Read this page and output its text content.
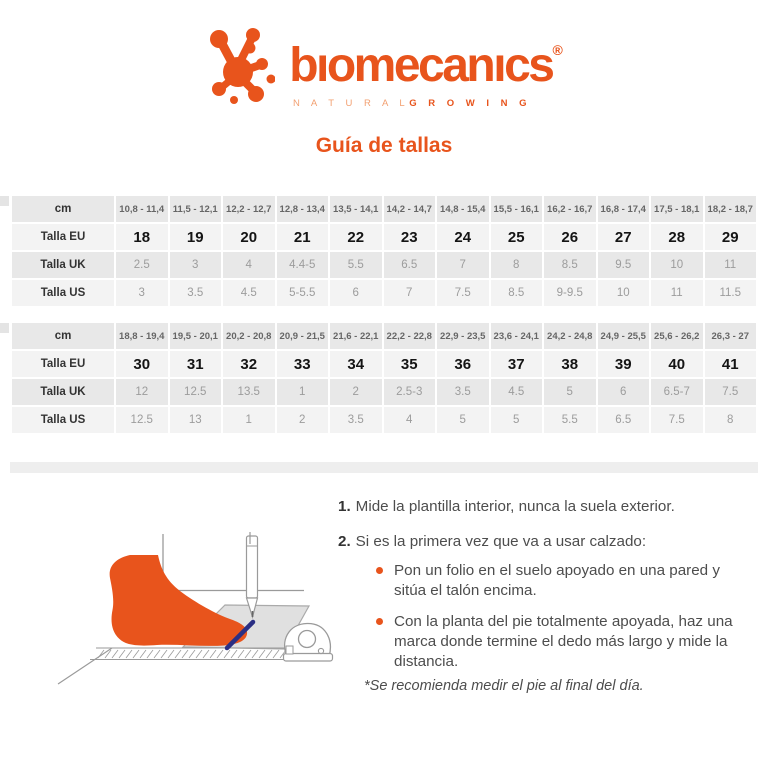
bıomecanıcs®
N A T U R A LG R O W I N G
Guía de tallas
cm	10,8 - 11,4	11,5 - 12,1	12,2 - 12,7	12,8 - 13,4	13,5 - 14,1	14,2 - 14,7	14,8 - 15,4	15,5 - 16,1	16,2 - 16,7	16,8 - 17,4	17,5 - 18,1	18,2 - 18,7
Talla EU	18	19	20	21	22	23	24	25	26	27	28	29
Talla UK	2.5	3	4	4.4-5	5.5	6.5	7	8	8.5	9.5	10	11
Talla US	3	3.5	4.5	5-5.5	6	7	7.5	8.5	9-9.5	10	11	11.5
cm	18,8 - 19,4	19,5 - 20,1	20,2 - 20,8	20,9 - 21,5	21,6 - 22,1	22,2 - 22,8	22,9 - 23,5	23,6 - 24,1	24,2 - 24,8	24,9 - 25,5	25,6 - 26,2	26,3 - 27
Talla EU	30	31	32	33	34	35	36	37	38	39	40	41
Talla UK	12	12.5	13.5	1	2	2.5-3	3.5	4.5	5	6	6.5-7	7.5
Talla US	12.5	13	1	2	3.5	4	5	5	5.5	6.5	7.5	8
1. Mide la plantilla interior, nunca la suela exterior.
2. Si es la primera vez que va a usar calzado:
Pon un folio en el suelo apoyado en una pared y sitúa el talón encima.
Con la planta del pie totalmente apoyada, haz una marca donde termine el dedo más largo y mide la distancia.
*Se recomienda medir el pie al final del día.
